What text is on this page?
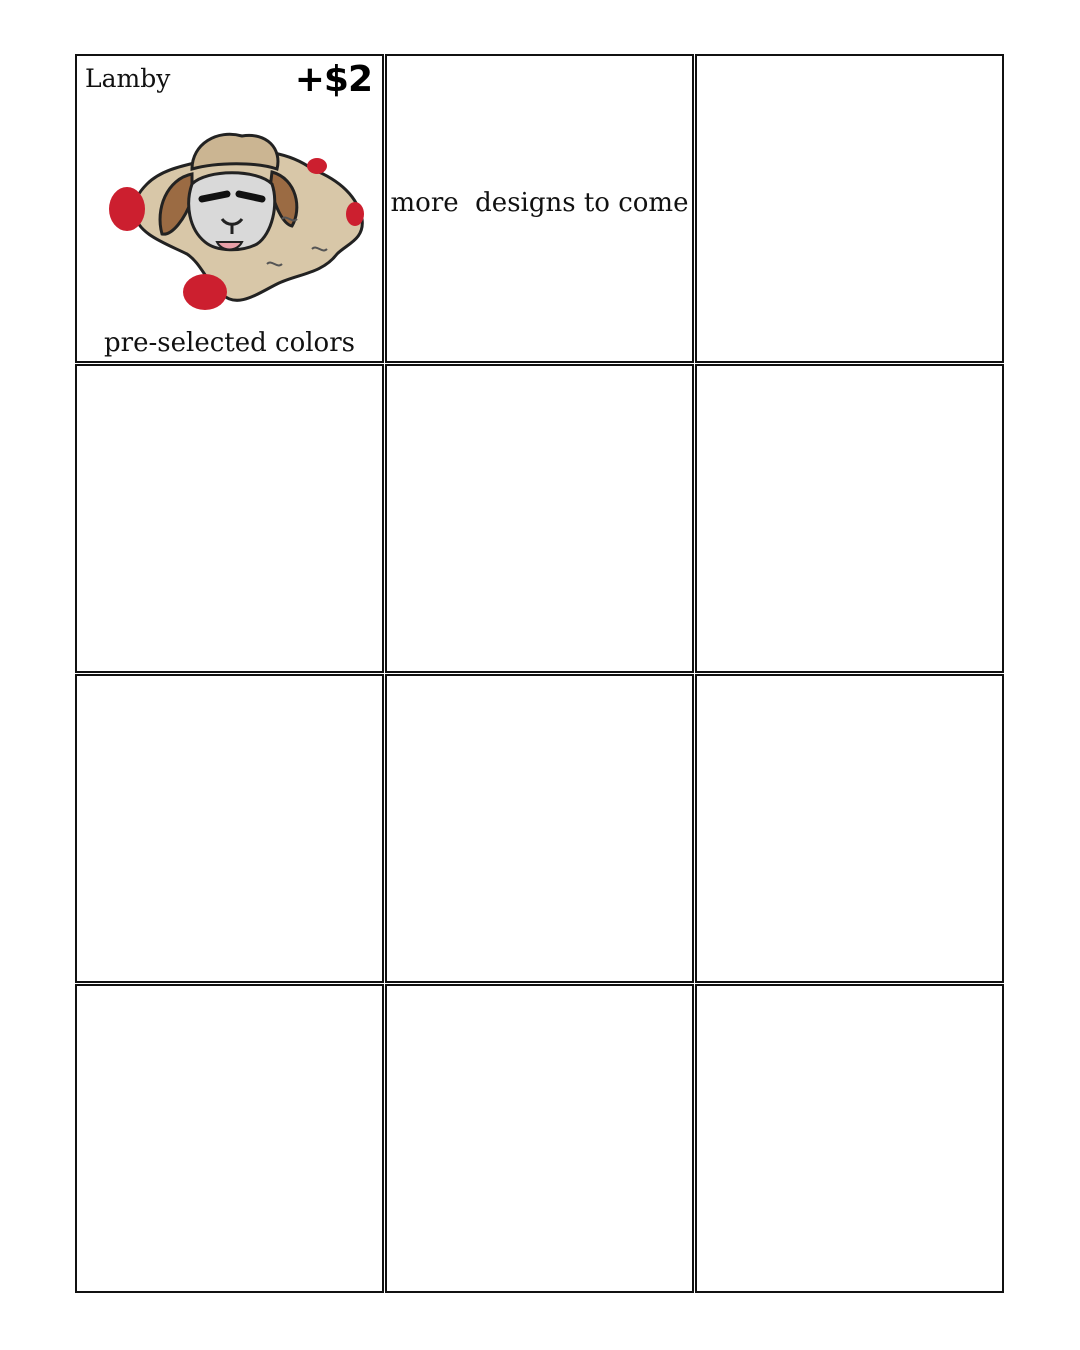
Lamby	+$2
pre-selected colors
more  designs to come
